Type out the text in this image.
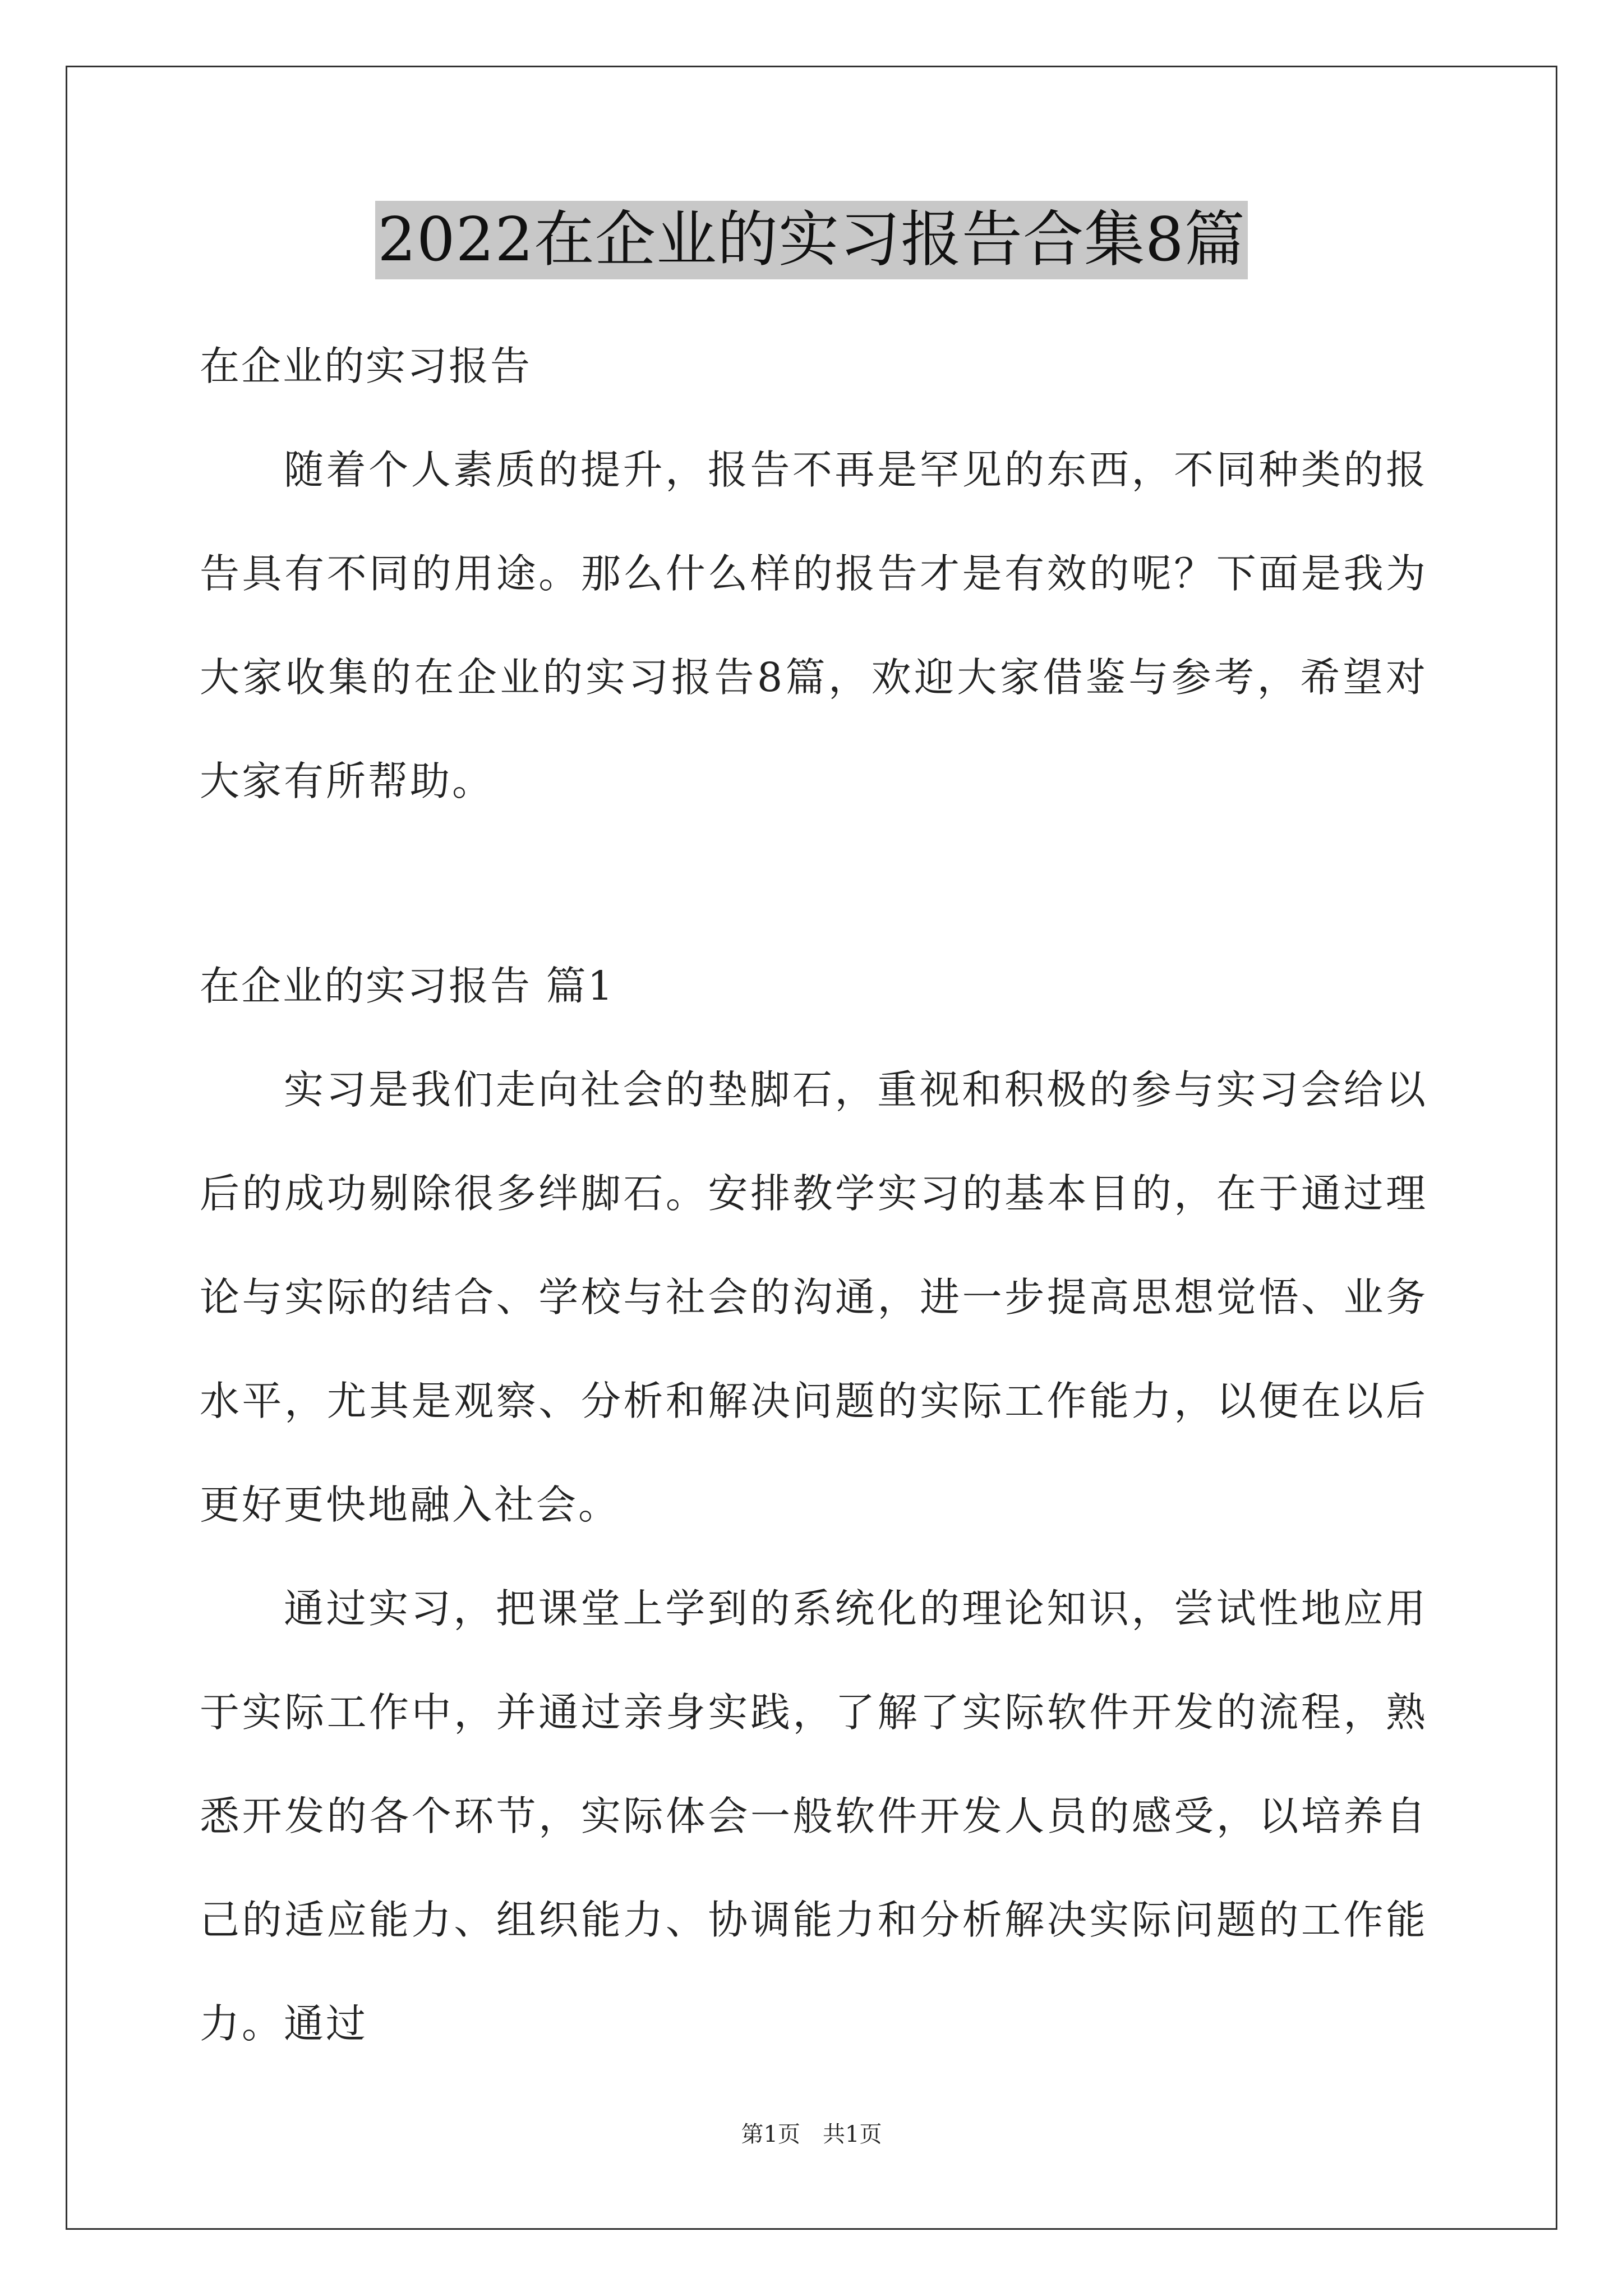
2022在企业的实习报告合集8篇

在企业的实习报告

随着个人素质的提升，报告不再是罕见的东西，不同种类的报告具有不同的用途。那么什么样的报告才是有效的呢？下面是我为大家收集的在企业的实习报告8篇，欢迎大家借鉴与参考，希望对大家有所帮助。

在企业的实习报告 篇1

实习是我们走向社会的垫脚石，重视和积极的参与实习会给以后的成功剔除很多绊脚石。安排教学实习的基本目的，在于通过理论与实际的结合、学校与社会的沟通，进一步提高思想觉悟、业务水平，尤其是观察、分析和解决问题的实际工作能力，以便在以后更好更快地融入社会。

通过实习，把课堂上学到的系统化的理论知识，尝试性地应用于实际工作中，并通过亲身实践，了解了实际软件开发的流程，熟悉开发的各个环节，实际体会一般软件开发人员的感受，以培养自己的适应能力、组织能力、协调能力和分析解决实际问题的工作能力。通过

第1页　共1页
